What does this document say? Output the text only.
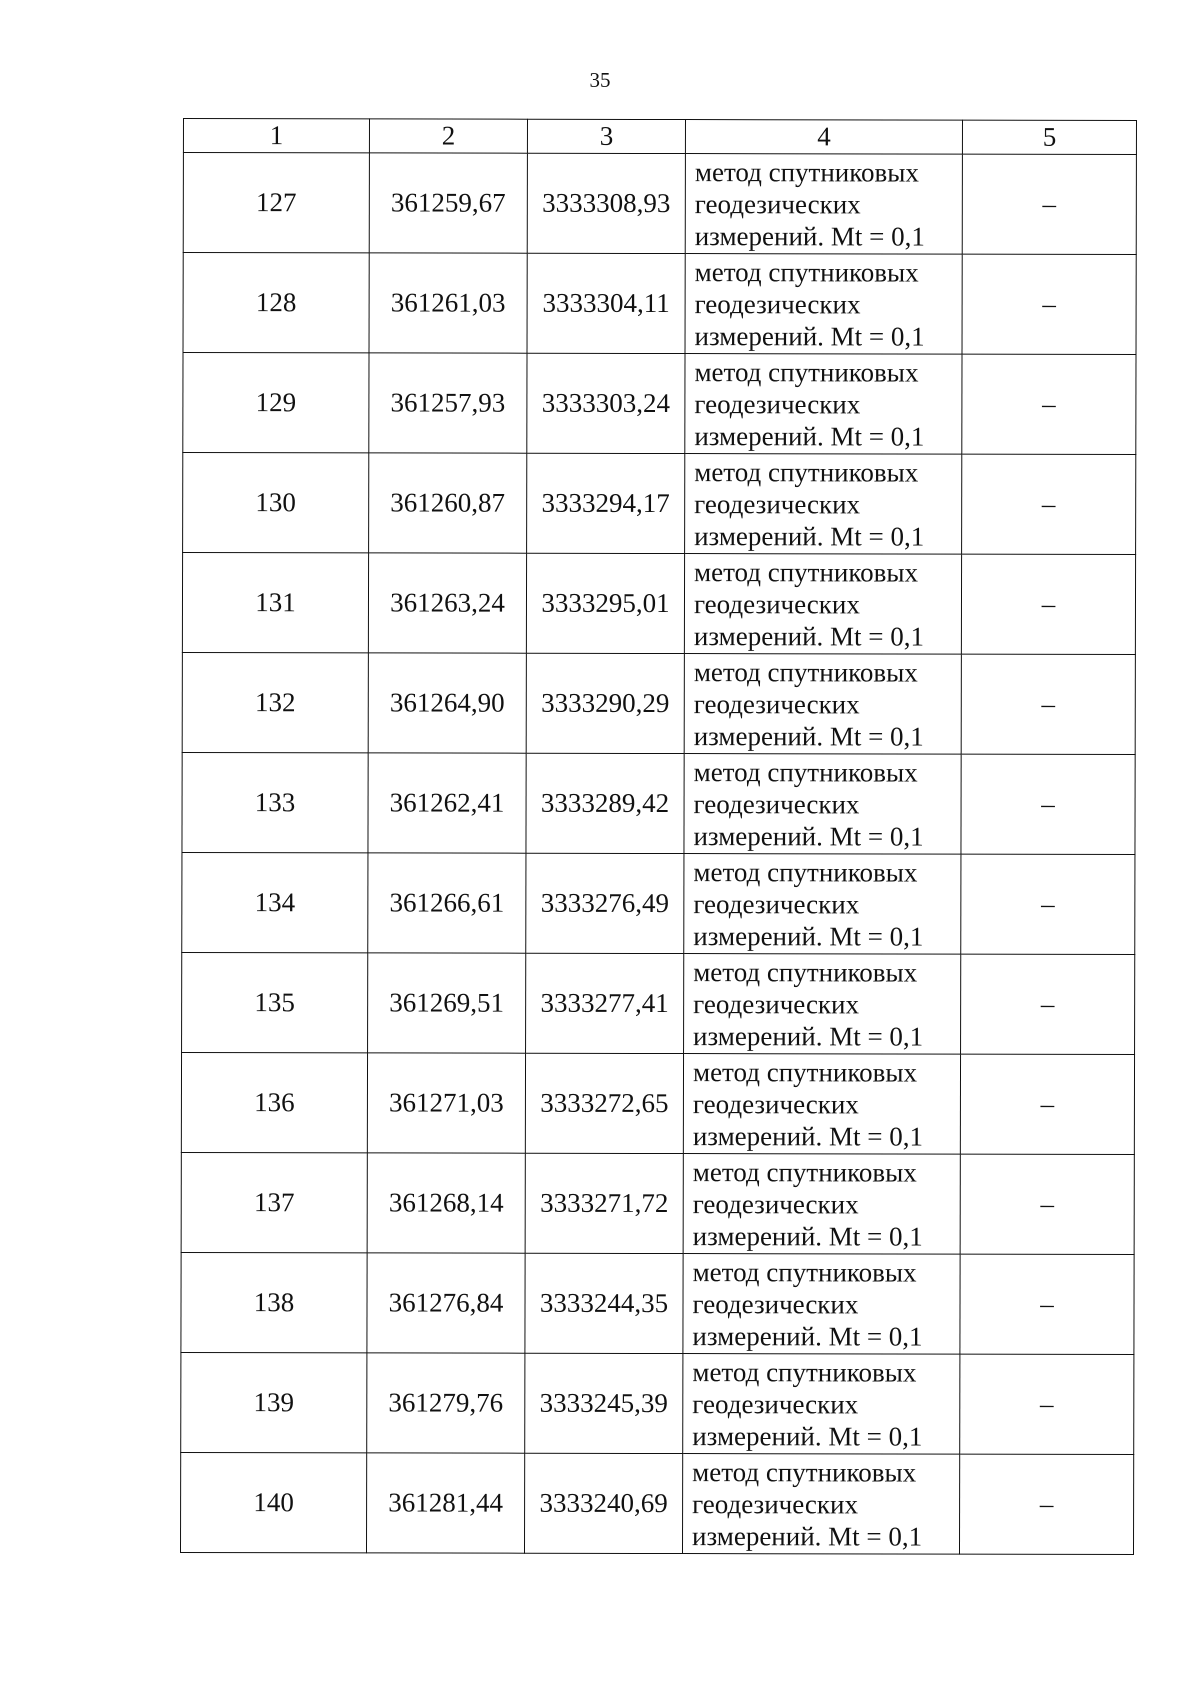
35
1	2	3	4	5
127	361259,67	3333308,93	метод спутниковых
геодезических
измерений. Mt = 0,1	–
128	361261,03	3333304,11	метод спутниковых
геодезических
измерений. Mt = 0,1	–
129	361257,93	3333303,24	метод спутниковых
геодезических
измерений. Mt = 0,1	–
130	361260,87	3333294,17	метод спутниковых
геодезических
измерений. Mt = 0,1	–
131	361263,24	3333295,01	метод спутниковых
геодезических
измерений. Mt = 0,1	–
132	361264,90	3333290,29	метод спутниковых
геодезических
измерений. Mt = 0,1	–
133	361262,41	3333289,42	метод спутниковых
геодезических
измерений. Mt = 0,1	–
134	361266,61	3333276,49	метод спутниковых
геодезических
измерений. Mt = 0,1	–
135	361269,51	3333277,41	метод спутниковых
геодезических
измерений. Mt = 0,1	–
136	361271,03	3333272,65	метод спутниковых
геодезических
измерений. Mt = 0,1	–
137	361268,14	3333271,72	метод спутниковых
геодезических
измерений. Mt = 0,1	–
138	361276,84	3333244,35	метод спутниковых
геодезических
измерений. Mt = 0,1	–
139	361279,76	3333245,39	метод спутниковых
геодезических
измерений. Mt = 0,1	–
140	361281,44	3333240,69	метод спутниковых
геодезических
измерений. Mt = 0,1	–
